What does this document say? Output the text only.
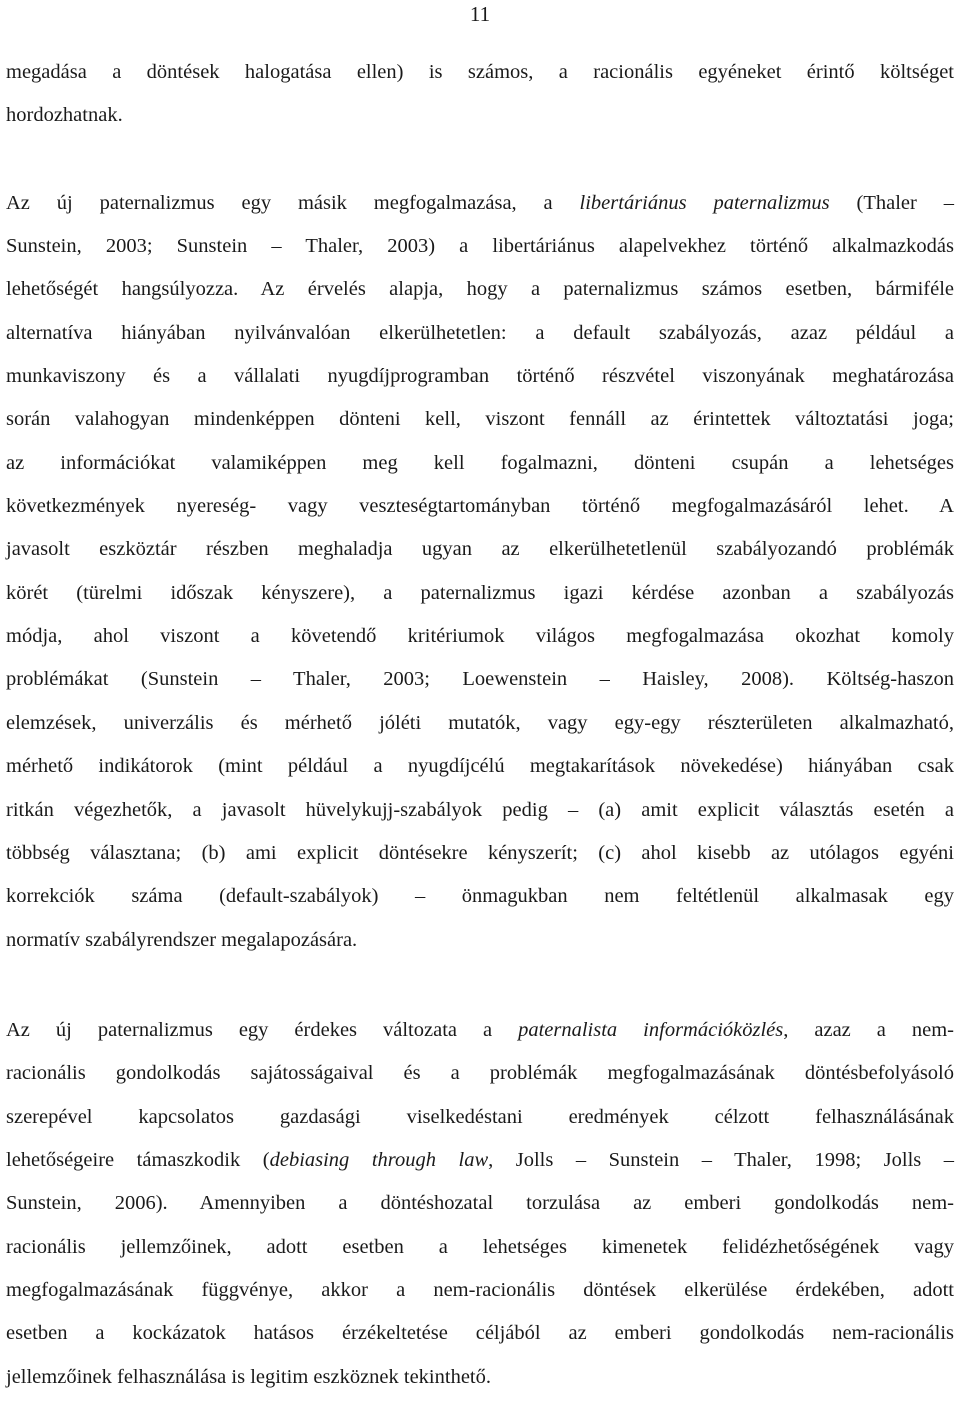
11
megadása a döntések halogatása ellen) is számos, a racionális egyéneket érintő költséget
hordozhatnak.
Az új paternalizmus egy másik megfogalmazása, a libertáriánus paternalizmus (Thaler –
Sunstein, 2003; Sunstein – Thaler, 2003) a libertáriánus alapelvekhez történő alkalmazkodás
lehetőségét hangsúlyozza. Az érvelés alapja, hogy a paternalizmus számos esetben, bármiféle
alternatíva hiányában nyilvánvalóan elkerülhetetlen: a default szabályozás, azaz például a
munkaviszony és a vállalati nyugdíjprogramban történő részvétel viszonyának meghatározása
során valahogyan mindenképpen dönteni kell, viszont fennáll az érintettek változtatási joga;
az információkat valamiképpen meg kell fogalmazni, dönteni csupán a lehetséges
következmények nyereség- vagy veszteségtartományban történő megfogalmazásáról lehet. A
javasolt eszköztár részben meghaladja ugyan az elkerülhetetlenül szabályozandó problémák
körét (türelmi időszak kényszere), a paternalizmus igazi kérdése azonban a szabályozás
módja, ahol viszont a követendő kritériumok világos megfogalmazása okozhat komoly
problémákat (Sunstein – Thaler, 2003; Loewenstein – Haisley, 2008). Költség-haszon
elemzések, univerzális és mérhető jóléti mutatók, vagy egy-egy részterületen alkalmazható,
mérhető indikátorok (mint például a nyugdíjcélú megtakarítások növekedése) hiányában csak
ritkán végezhetők, a javasolt hüvelykujj-szabályok pedig – (a) amit explicit választás esetén a
többség választana; (b) ami explicit döntésekre kényszerít; (c) ahol kisebb az utólagos egyéni
korrekciók száma (default-szabályok) – önmagukban nem feltétlenül alkalmasak egy
normatív szabályrendszer megalapozására.
Az új paternalizmus egy érdekes változata a paternalista információközlés, azaz a nem-
racionális gondolkodás sajátosságaival és a problémák megfogalmazásának döntésbefolyásoló
szerepével kapcsolatos gazdasági viselkedéstani eredmények célzott felhasználásának
lehetőségeire támaszkodik (debiasing through law, Jolls – Sunstein – Thaler, 1998; Jolls –
Sunstein, 2006). Amennyiben a döntéshozatal torzulása az emberi gondolkodás nem-
racionális jellemzőinek, adott esetben a lehetséges kimenetek felidézhetőségének vagy
megfogalmazásának függvénye, akkor a nem-racionális döntések elkerülése érdekében, adott
esetben a kockázatok hatásos érzékeltetése céljából az emberi gondolkodás nem-racionális
jellemzőinek felhasználása is legitim eszköznek tekinthető.
